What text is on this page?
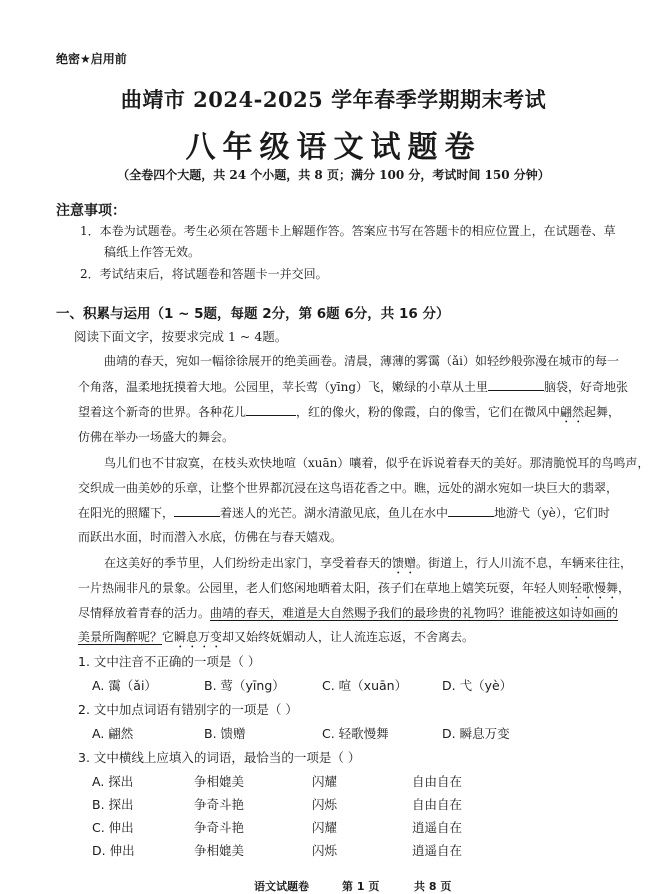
绝密★启用前
曲靖市 2024-2025 学年春季学期期末考试
八年级语文试题卷
（全卷四个大题，共 24 个小题，共 8 页；满分 100 分，考试时间 150 分钟）
注意事项：
1．本卷为试题卷。考生必须在答题卡上解题作答。答案应书写在答题卡的相应位置上，在试题卷、草
稿纸上作答无效。
2．考试结束后，将试题卷和答题卡一并交回。
一、积累与运用（1 ~ 5题，每题 2分，第 6题 6分，共 16 分）
阅读下面文字，按要求完成 1 ~ 4题。
曲靖的春天，宛如一幅徐徐展开的绝美画卷。清晨，薄薄的雾霭（ǎi）如轻纱般弥漫在城市的每一
个角落，温柔地抚摸着大地。公园里，苹长莺（yīng）飞，嫩绿的小草从土里	脑袋，好奇地张
望着这个新奇的世界。各种花儿	，红的像火，粉的像霞，白的像雪，它们在微风中翩然起舞，
仿佛在举办一场盛大的舞会。
鸟儿们也不甘寂寞，在枝头欢快地喧（xuān）嚷着，似乎在诉说着春天的美好。那清脆悦耳的鸟鸣声，
交织成一曲美妙的乐章，让整个世界都沉浸在这鸟语花香之中。瞧，远处的湖水宛如一块巨大的翡翠，
在阳光的照耀下，	着迷人的光芒。湖水清澈见底，鱼儿在水中	地游弋（yè），它们时
而跃出水面，时而潜入水底，仿佛在与春天嬉戏。
在这美好的季节里，人们纷纷走出家门，享受着春天的馈赠。街道上，行人川流不息，车辆来往往，
一片热闹非凡的景象。公园里，老人们悠闲地晒着太阳，孩子们在草地上嬉笑玩耍，年轻人则轻歌慢舞，
尽情释放着青春的活力。曲靖的春天，难道是大自然赐予我们的最珍贵的礼物吗？谁能被这如诗如画的
美景所陶醉呢？它瞬息万变却又始终妩媚动人，让人流连忘返，不舍离去。
1. 文中注音不正确的一项是（ ）
A. 霭（ǎi）	B. 莺（yīng）	C. 喧（xuān）	D. 弋（yè）
2. 文中加点词语有错别字的一项是（ ）
A. 翩然	B. 馈赠	C. 轻歌慢舞	D. 瞬息万变
3. 文中横线上应填入的词语，最恰当的一项是（ ）
A. 探出	争相媲美	闪耀	自由自在
B. 探出	争奇斗艳	闪烁	自由自在
C. 伸出	争奇斗艳	闪耀	逍遥自在
D. 伸出	争相媲美	闪烁	逍遥自在
语文试题卷	第 1 页	共 8 页
